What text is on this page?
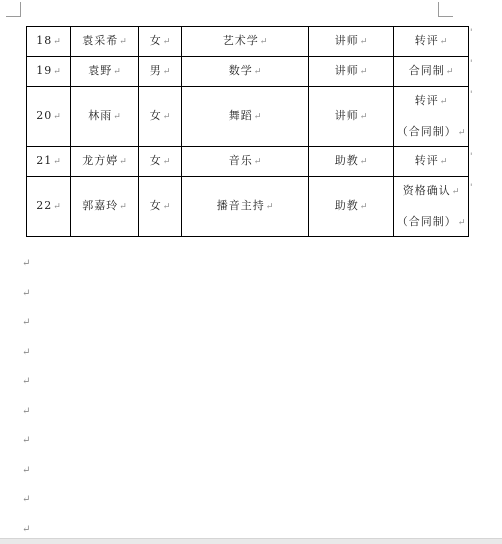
18↵	袁采希↵	女↵	艺术学↵	讲师↵	转评↵

19↵	袁野↵	男↵	数学↵	讲师↵	合同制↵

20↵	林雨↵	女↵	舞蹈↵	讲师↵	转评↵
（合同制）↵

21↵	龙方婷↵	女↵	音乐↵	助教↵	转评↵

22↵	郭嘉玲↵	女↵	播音主持↵	助教↵	资格确认↵
（合同制）↵
'
'
'
'
'
↵
↵
↵
↵
↵
↵
↵
↵
↵
↵
